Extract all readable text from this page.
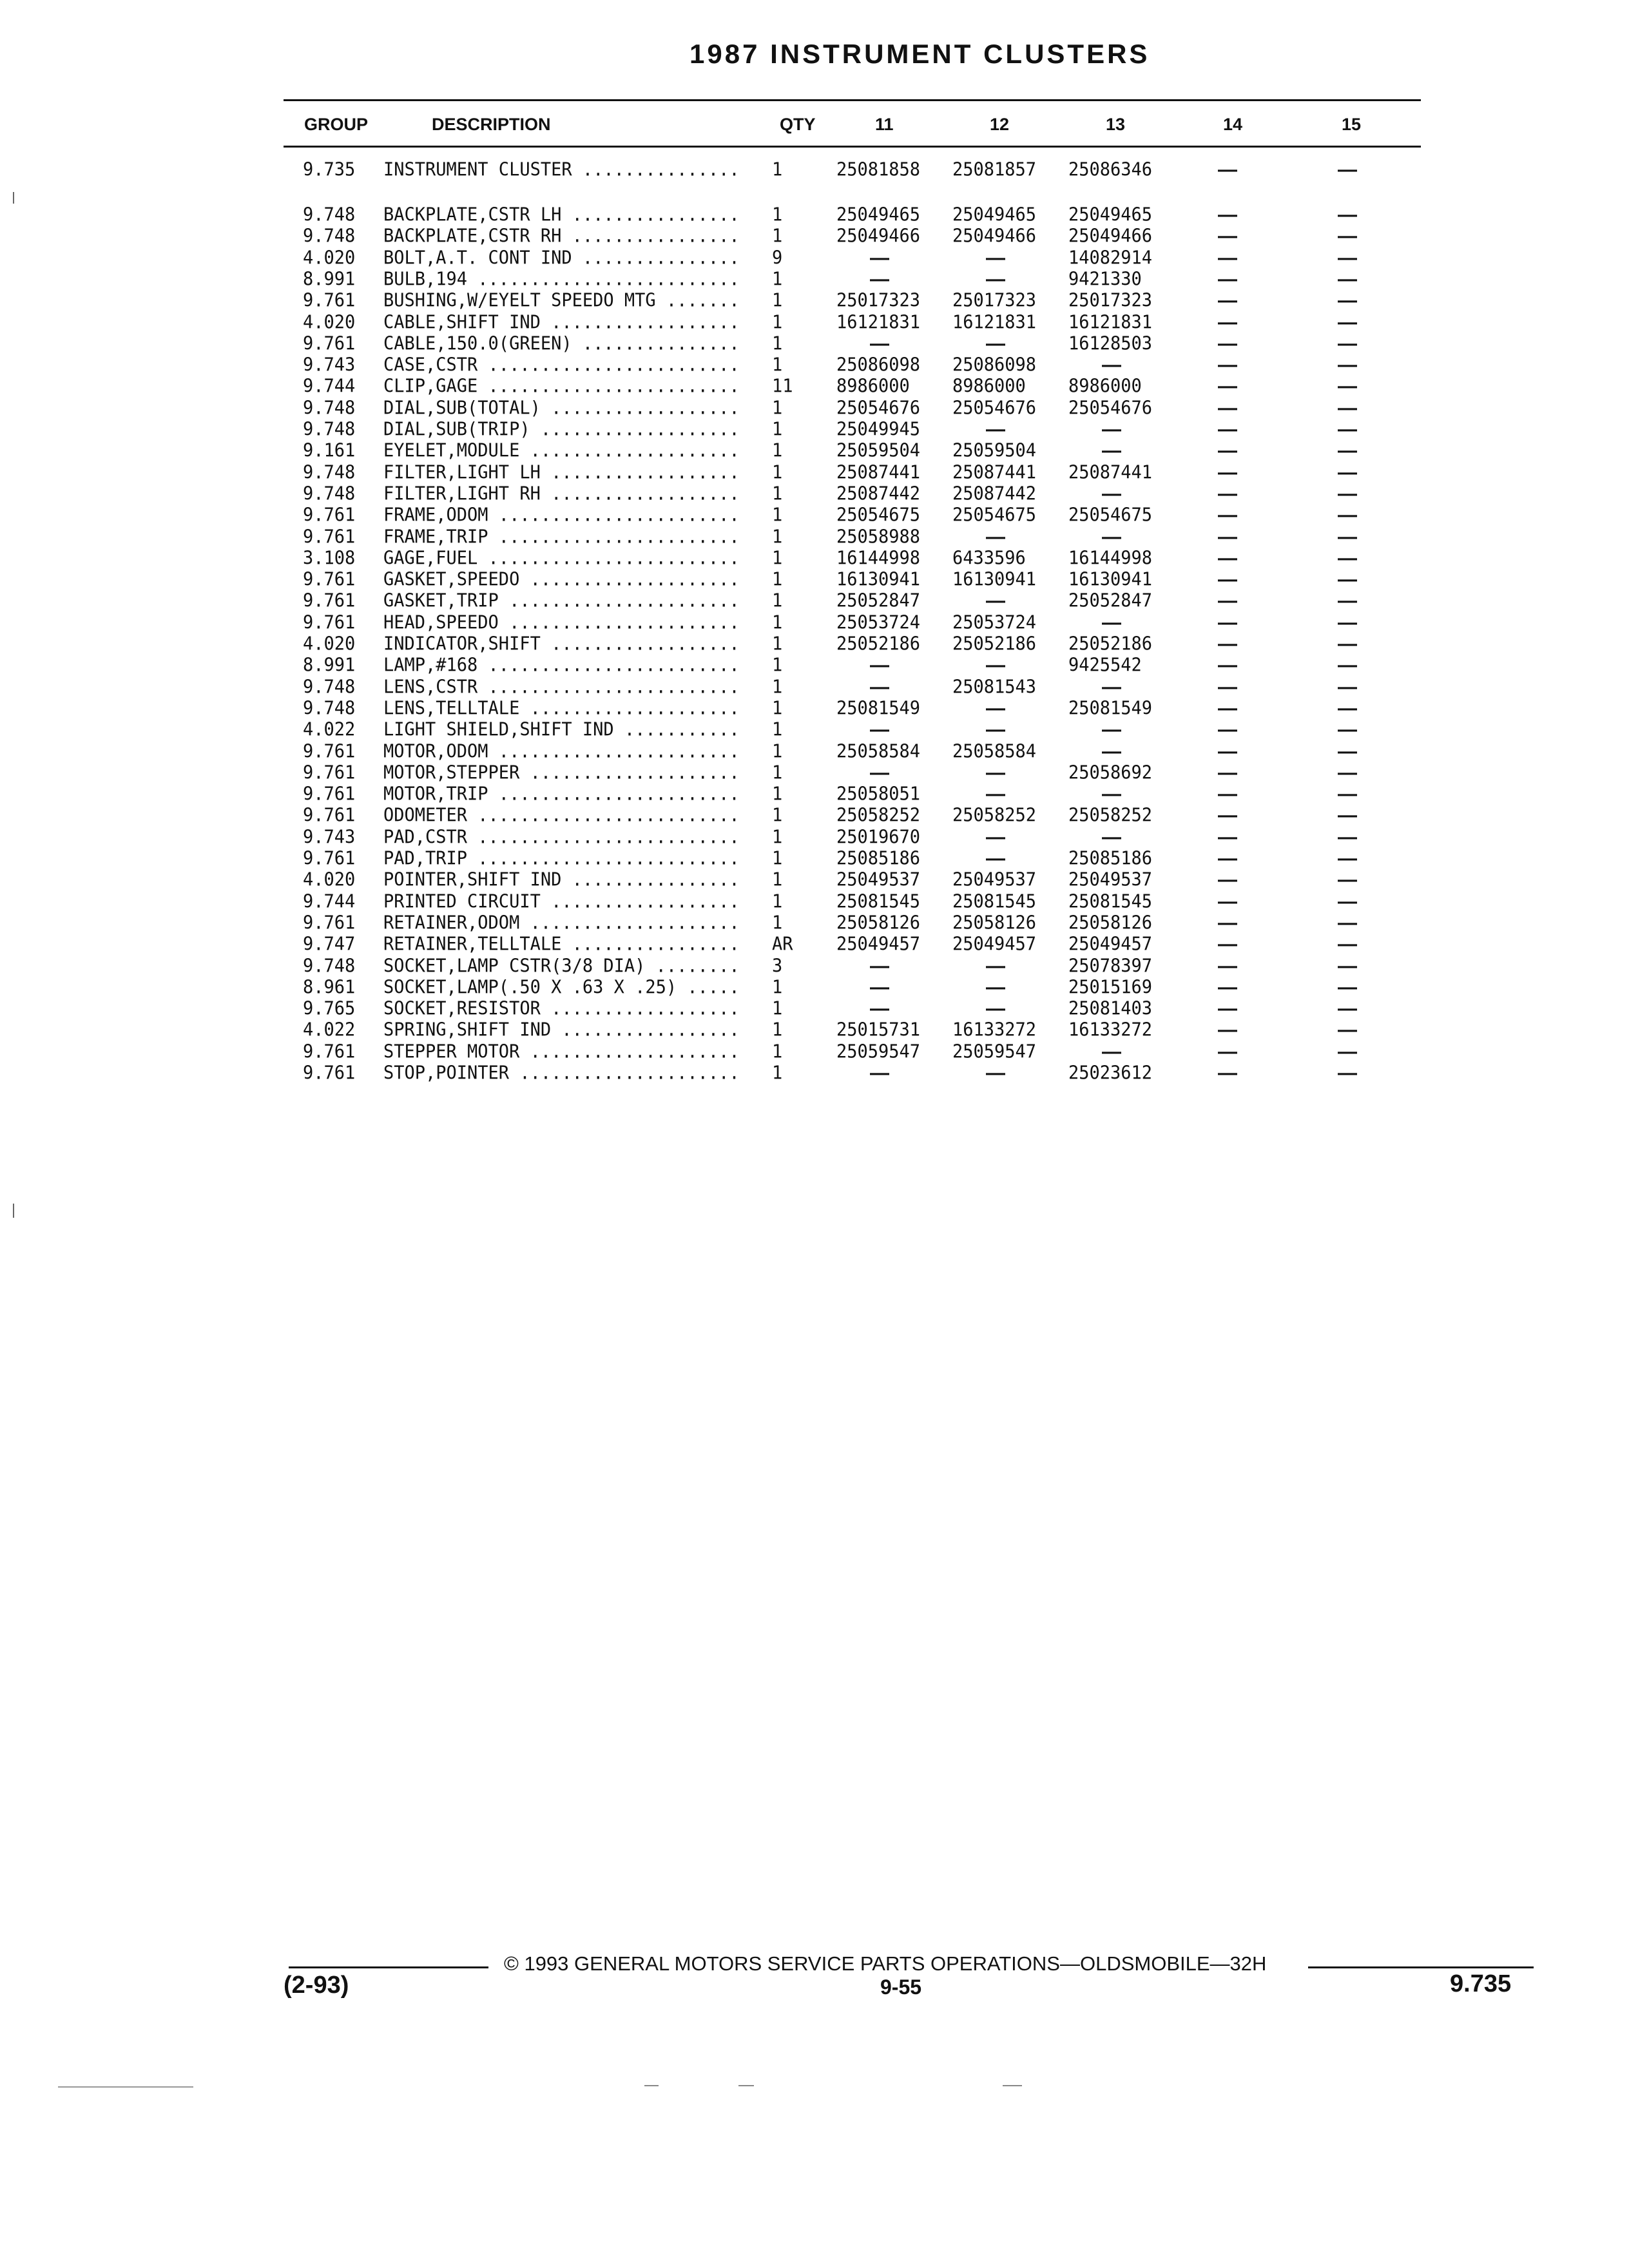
1987 INSTRUMENT CLUSTERS
GROUP	DESCRIPTION	QTY	11	12	13	14	15
9.735	INSTRUMENT CLUSTER ...............	1	25081858 25081857 25086346	—	—
9.748	BACKPLATE,CSTR LH ................	1	25049465 25049465 25049465	—	—
9.748	BACKPLATE,CSTR RH ................	1	25049466 25049466 25049466	—	—
4.020	BOLT,A.T. CONT IND ...............	9	—	—	14082914	—	—
8.991	BULB,194 .........................	1	—	—	9421330	—	—
9.761	BUSHING,W/EYELT SPEEDO MTG .......	1	25017323 25017323 25017323	—	—
4.020	CABLE,SHIFT IND ..................	1	16121831 16121831 16121831	—	—
9.761	CABLE,150.0(GREEN) ...............	1	—	—	16128503	—	—
9.743	CASE,CSTR ........................	1	25086098 25086098	—	—	—
9.744	CLIP,GAGE ........................	11	8986000 8986000 8986000	—	—
9.748	DIAL,SUB(TOTAL) ..................	1	25054676 25054676 25054676	—	—
9.748	DIAL,SUB(TRIP) ...................	1	25049945	—	—	—	—
9.161	EYELET,MODULE ....................	1	25059504 25059504	—	—	—
9.748	FILTER,LIGHT LH ..................	1	25087441 25087441 25087441	—	—
9.748	FILTER,LIGHT RH ..................	1	25087442 25087442	—	—	—
9.761	FRAME,ODOM .......................	1	25054675 25054675 25054675	—	—
9.761	FRAME,TRIP .......................	1	25058988	—	—	—	—
3.108	GAGE,FUEL ........................	1	16144998 6433596 16144998	—	—
9.761	GASKET,SPEEDO ....................	1	16130941 16130941 16130941	—	—
9.761	GASKET,TRIP ......................	1	25052847	—	25052847	—	—
9.761	HEAD,SPEEDO ......................	1	25053724 25053724	—	—	—
4.020	INDICATOR,SHIFT ..................	1	25052186 25052186 25052186	—	—
8.991	LAMP,#168 ........................	1	—	—	9425542	—	—
9.748	LENS,CSTR ........................	1	—	25081543	—	—	—
9.748	LENS,TELLTALE ....................	1	25081549	—	25081549	—	—
4.022	LIGHT SHIELD,SHIFT IND ...........	1	—	—	—	—	—
9.761	MOTOR,ODOM .......................	1	25058584 25058584	—	—	—
9.761	MOTOR,STEPPER ....................	1	—	—	25058692	—	—
9.761	MOTOR,TRIP .......................	1	25058051	—	—	—	—
9.761	ODOMETER .........................	1	25058252 25058252 25058252	—	—
9.743	PAD,CSTR .........................	1	25019670	—	—	—	—
9.761	PAD,TRIP .........................	1	25085186	—	25085186	—	—
4.020	POINTER,SHIFT IND ................	1	25049537 25049537 25049537	—	—
9.744	PRINTED CIRCUIT ..................	1	25081545 25081545 25081545	—	—
9.761	RETAINER,ODOM ....................	1	25058126 25058126 25058126	—	—
9.747	RETAINER,TELLTALE ................	AR	25049457 25049457 25049457	—	—
9.748	SOCKET,LAMP CSTR(3/8 DIA) ........	3	—	—	25078397	—	—
8.961	SOCKET,LAMP(.50 X .63 X .25) .....	1	—	—	25015169	—	—
9.765	SOCKET,RESISTOR ..................	1	—	—	25081403	—	—
4.022	SPRING,SHIFT IND .................	1	25015731 16133272 16133272	—	—
9.761	STEPPER MOTOR ....................	1	25059547 25059547	—	—	—
9.761	STOP,POINTER .....................	1	—	—	25023612	—	—
© 1993 GENERAL MOTORS SERVICE PARTS OPERATIONS—OLDSMOBILE—32H
(2-93)	9-55	9.735
